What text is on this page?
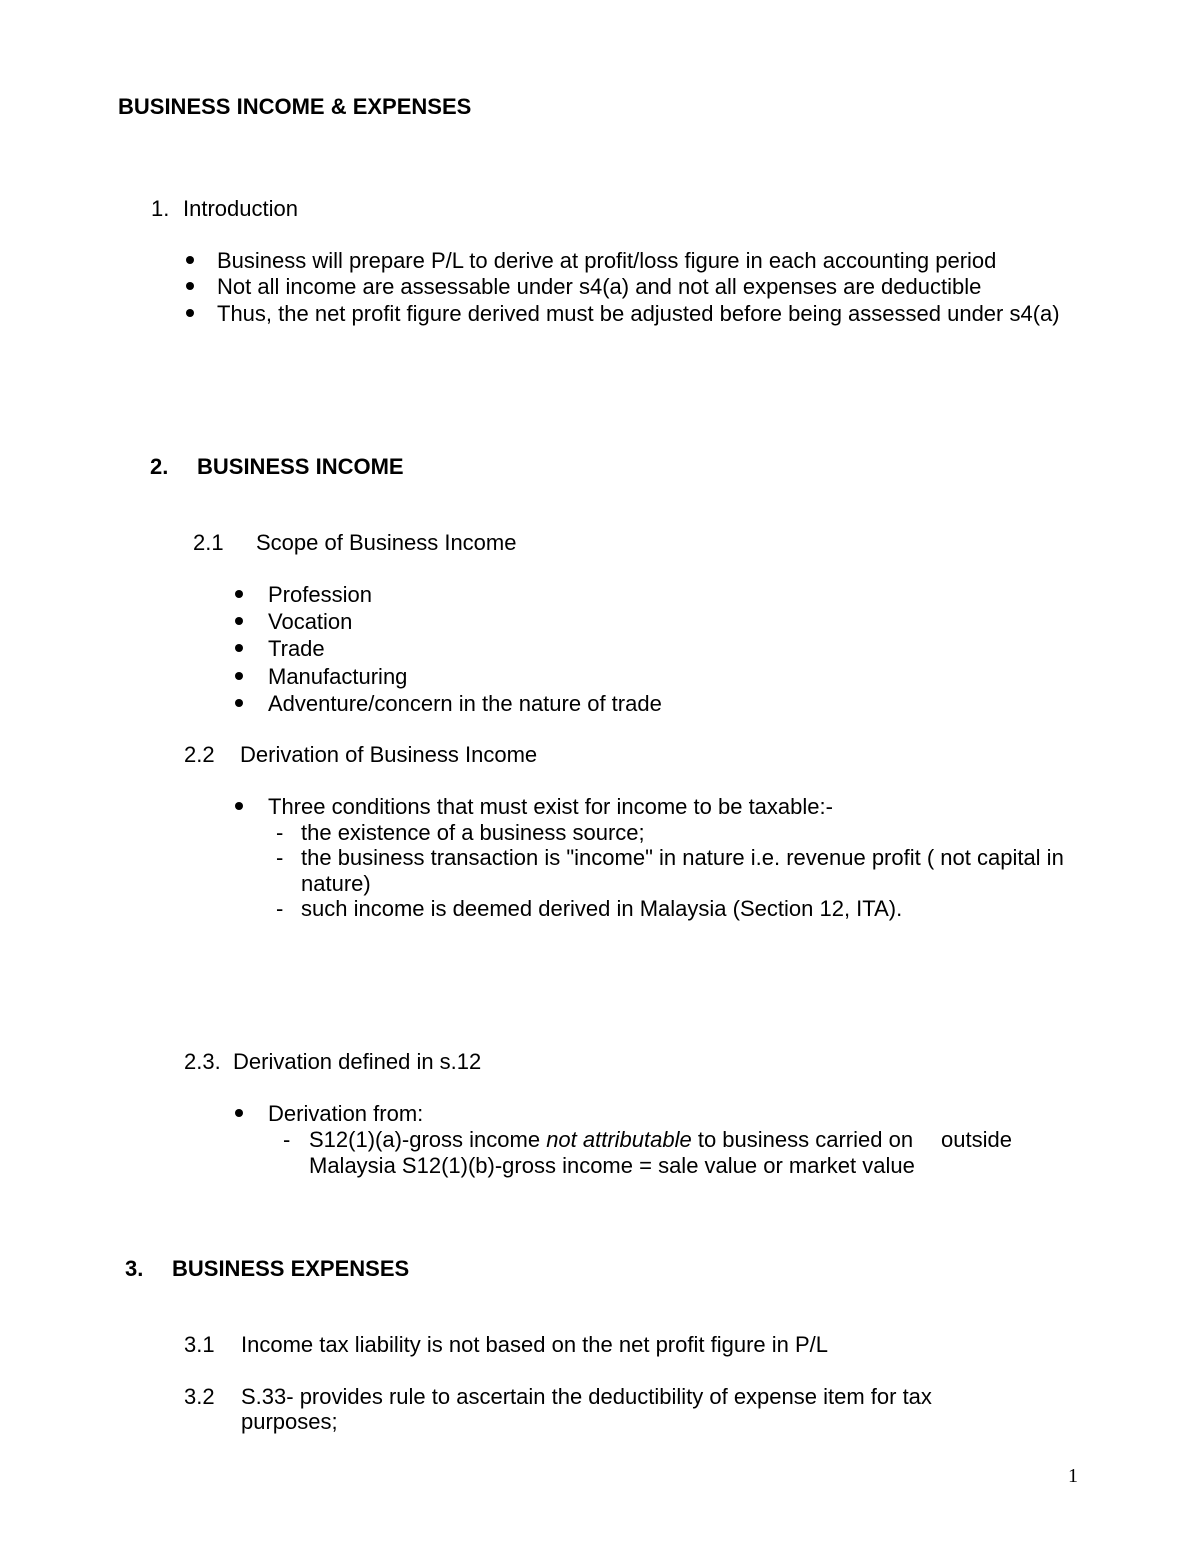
BUSINESS INCOME & EXPENSES
1. Introduction
Business will prepare P/L to derive at profit/loss figure in each accounting period
Not all income are assessable under s4(a) and not all expenses are deductible
Thus, the net profit figure derived must be adjusted before being assessed under s4(a)
2. BUSINESS INCOME
2.1 Scope of Business Income
Profession
Vocation
Trade
Manufacturing
Adventure/concern in the nature of trade
2.2 Derivation of Business Income
Three conditions that must exist for income to be taxable:-
- the existence of a business source;
- the business transaction is "income" in nature i.e. revenue profit ( not capital in
nature)
- such income is deemed derived in Malaysia (Section 12, ITA).
2.3. Derivation defined in s.12
Derivation from:
- S12(1)(a)-gross income not attributable to business carried on outside
Malaysia S12(1)(b)-gross income = sale value or market value
3. BUSINESS EXPENSES
3.1 Income tax liability is not based on the net profit figure in P/L
3.2 S.33- provides rule to ascertain the deductibility of expense item for tax
purposes;
1
